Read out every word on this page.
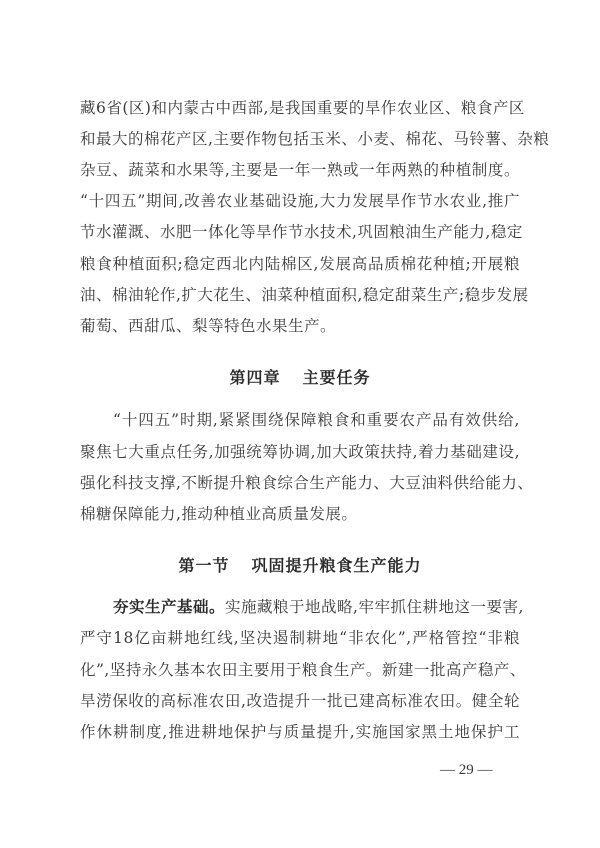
藏6省(区)和内蒙古中西部,是我国重要的旱作农业区、粮食产区
和最大的棉花产区,主要作物包括玉米、小麦、棉花、马铃薯、杂粮
杂豆、蔬菜和水果等,主要是一年一熟或一年两熟的种植制度。
“十四五”期间,改善农业基础设施,大力发展旱作节水农业,推广
节水灌溉、水肥一体化等旱作节水技术,巩固粮油生产能力,稳定
粮食种植面积;稳定西北内陆棉区,发展高品质棉花种植;开展粮
油、棉油轮作,扩大花生、油菜种植面积,稳定甜菜生产;稳步发展
葡萄、西甜瓜、梨等特色水果生产。
第四章 主要任务
“十四五”时期,紧紧围绕保障粮食和重要农产品有效供给,
聚焦七大重点任务,加强统筹协调,加大政策扶持,着力基础建设,
强化科技支撑,不断提升粮食综合生产能力、大豆油料供给能力、
棉糖保障能力,推动种植业高质量发展。
第一节 巩固提升粮食生产能力
夯实生产基础。实施藏粮于地战略,牢牢抓住耕地这一要害,
严守18亿亩耕地红线,坚决遏制耕地“非农化”,严格管控“非粮
化”,坚持永久基本农田主要用于粮食生产。新建一批高产稳产、
旱涝保收的高标准农田,改造提升一批已建高标准农田。健全轮
作休耕制度,推进耕地保护与质量提升,实施国家黑土地保护工
— 29 —
